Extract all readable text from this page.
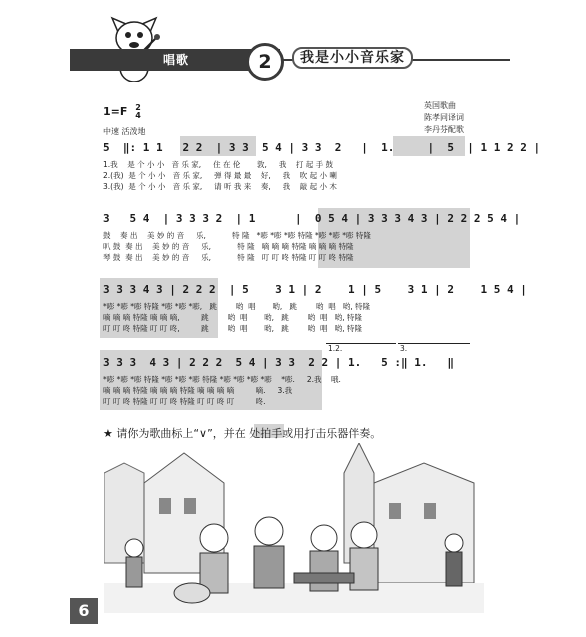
唱歌	2	我是小小音乐家
1=F 2
4
中速 活泼地
英国歌曲
陈孝同译词
李丹芬配歌
5  ‖: 1 1   2 2  | 3 3  5 4 | 3 3  2   |  1.     |  5  | 1 1 2 2 |
1.我    是 个 小 小   音 乐 家,     住 在 伦       敦,     我    打 起 手 鼓
2.(我)  是 个 小 小   音 乐 家,     弹 得 最 最    好,     我    吹 起 小 喇
3.(我)  是 个 小 小   音 乐 家,     请 听 我 来    奏,     我    敲 起 小 木
3   5 4  | 3 3 3 2  | 1      |  0 5 4 | 3 3 3 4 3 | 2 2 2 5 4 |
鼓    奏 出    美 妙 的 音     乐,           特 隆   *嘭 *嘭 *嘭 特隆 *嘭 *嘭 *嘭 特隆
叭 鼓  奏 出    美 妙 的 音     乐,           特 隆   嘀 嘀 嘀 特隆 嘀 嘀 嘀 特隆
琴 鼓  奏 出    美 妙 的 音     乐,           特 隆   叮 叮 咚 特隆 叮 叮 咚 特隆
3 3 3 4 3 | 2 2 2  | 5    3 1 | 2    1 | 5    3 1 | 2    1 5 4 |
*嘭 *嘭 *嘭 特隆 *嘭 *嘭 *嘭,   跳        哟  唱       哟,   跳        哟  唱   哟, 特隆
嘀 嘀 嘀 特隆 嘀 嘀 嘀,         跳        哟  唱       哟,   跳        哟  唱   哟, 特隆
叮 叮 咚 特隆 叮 叮 咚,         跳        哟  唱       哟,   跳        哟  唱   哟, 特隆
1.2.	3.
3 3 3  4 3 | 2 2 2  5 4 | 3 3  2 2 | 1.   5 :‖ 1.   ‖
*嘭 *嘭 *嘭 特隆 *嘭 *嘭 *嘭 特隆 *嘭 *嘭 *嘭 *嘭    *嘭.     2.我    哦.
嘀 嘀 嘀 特隆 嘀 嘀 嘀 特隆 嘀 嘀 嘀 嘀         嘀.     3.我
叮 叮 咚 特隆 叮 叮 咚 特隆 叮 叮 咚 叮         咚.
★ 请你为歌曲标上“∨”，并在 处拍手或用打击乐器伴奏。
6
